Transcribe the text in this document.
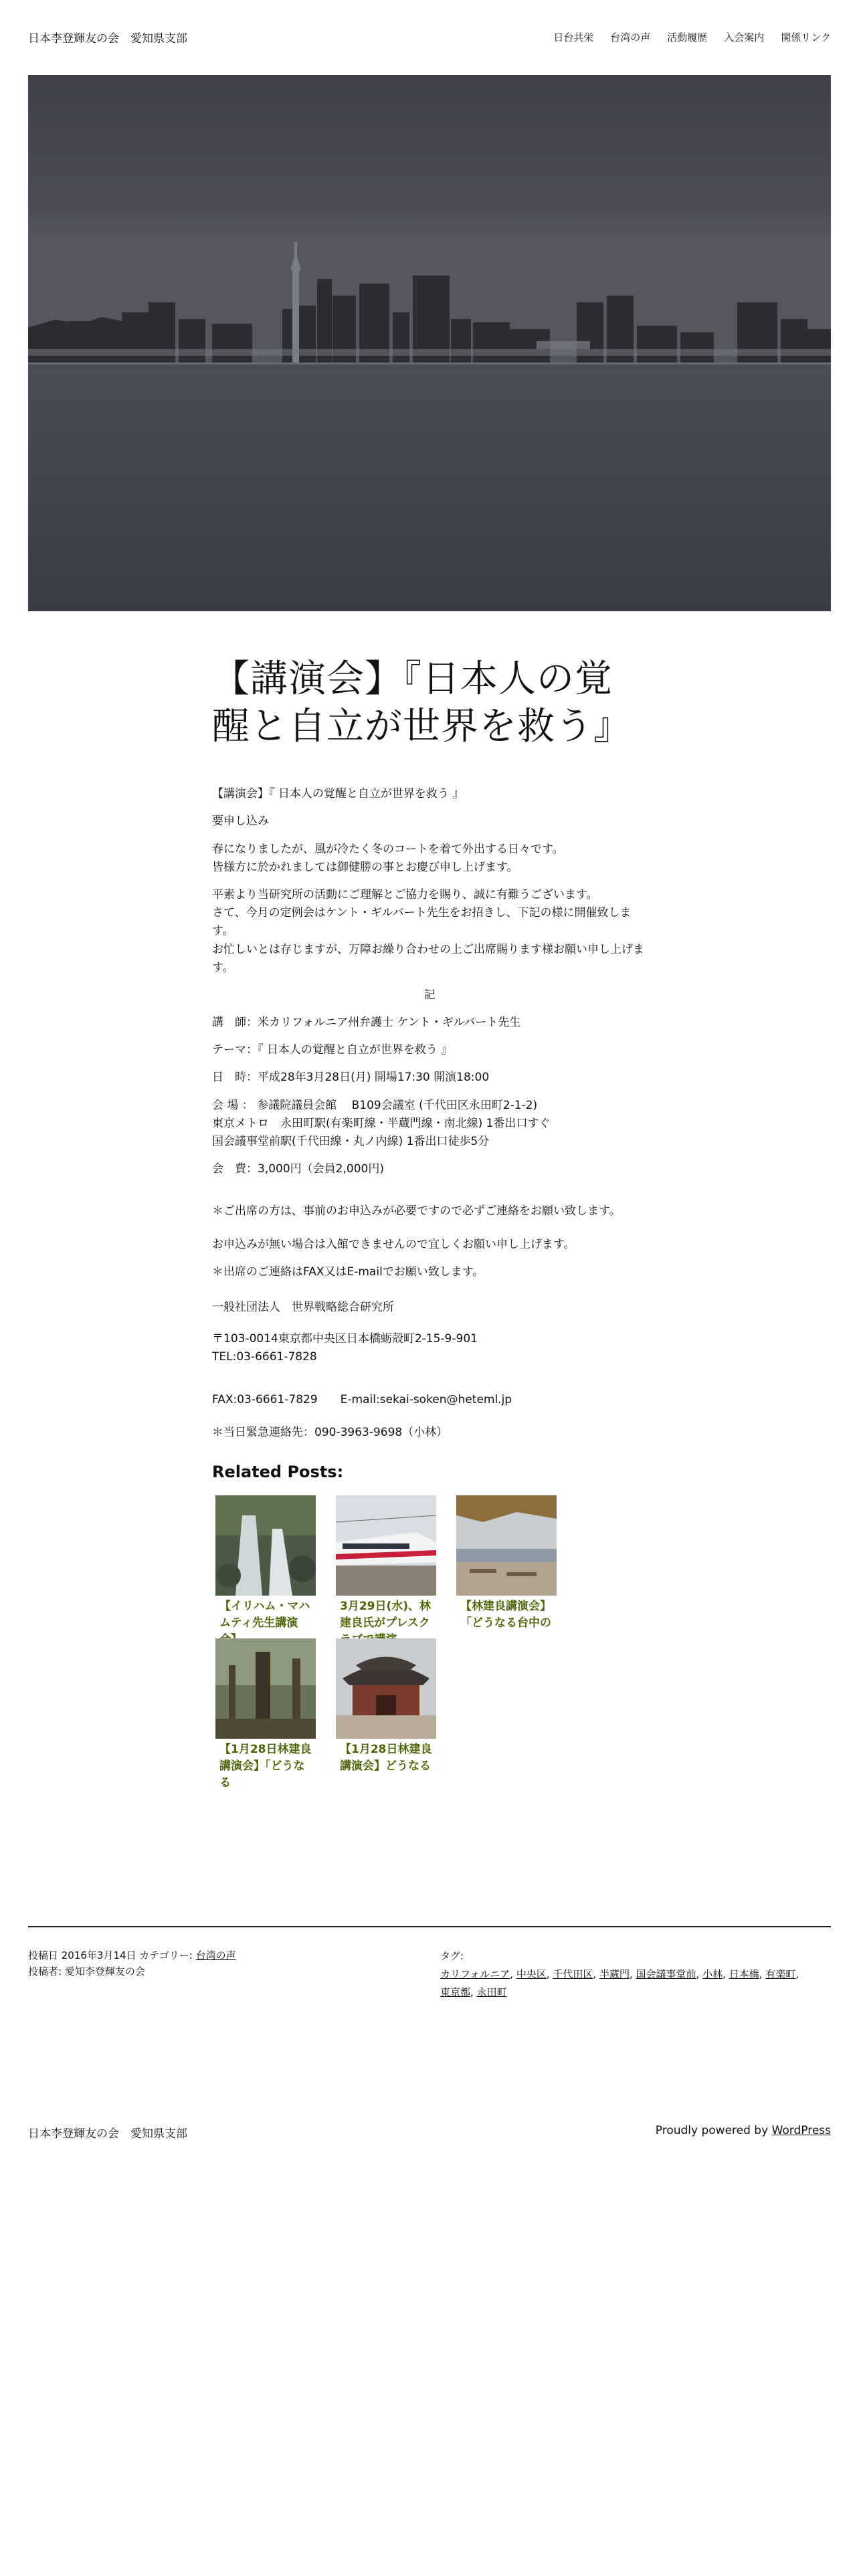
日本李登輝友の会　愛知県支部	日台共栄 台湾の声 活動履歴 入会案内 関係リンク
【講演会】『日本人の覚醒と自立が世界を救う』

【講演会】『 日本人の覚醒と自立が世界を救う 』

要申し込み

春になりましたが、風が冷たく冬のコートを着て外出する日々です。
皆様方に於かれましては御健勝の事とお慶び申し上げます。

平素より当研究所の活動にご理解とご協力を賜り、誠に有難うございます。
さて、今月の定例会はケント・ギルバート先生をお招きし、下記の様に開催致します。
お忙しいとは存じますが、万障お繰り合わせの上ご出席賜ります様お願い申し上げます。

記

講　師：米カリフォルニア州弁護士 ケント・ギルバート先生

テーマ：『 日本人の覚醒と自立が世界を救う 』

日　時：平成28年3月28日(月) 開場17:30 開演18:00

会 場 ： 参議院議員会館　 B109会議室 (千代田区永田町2-1-2)
東京メトロ　永田町駅(有楽町線・半蔵門線・南北線) 1番出口すぐ
国会議事堂前駅(千代田線・丸ノ内線) 1番出口徒歩5分

会　費：3,000円（会員2,000円)

＊ご出席の方は、事前のお申込みが必要ですので必ずご連絡をお願い致します。

お申込みが無い場合は入館できませんので宜しくお願い申し上げます。

＊出席のご連絡はFAX又はE-mailでお願い致します。

一般社団法人　世界戦略総合研究所

〒103-0014東京都中央区日本橋蛎殻町2-15-9-901
TEL:03-6661-7828

FAX:03-6661-7829　　E-mail:sekai-soken@heteml.jp

＊当日緊急連絡先：090-3963-9698（小林）

Related Posts:
【イリハム・マハムティ先生講演
3月29日(水)、林建良氏がプレスク
【林建良講演会】「どうなる台中の
【1月28日林建良講演会】「どうなる
【1月28日林建良講演会】どうなる
投稿日 2016年3月14日 カテゴリー: 台湾の声
投稿者: 愛知李登輝友の会
タグ:
カリフォルニア, 中央区, 千代田区, 半蔵門, 国会議事堂前, 小林, 日本橋, 有楽町,
東京都, 永田町
日本李登輝友の会　愛知県支部	Proudly powered by WordPress
